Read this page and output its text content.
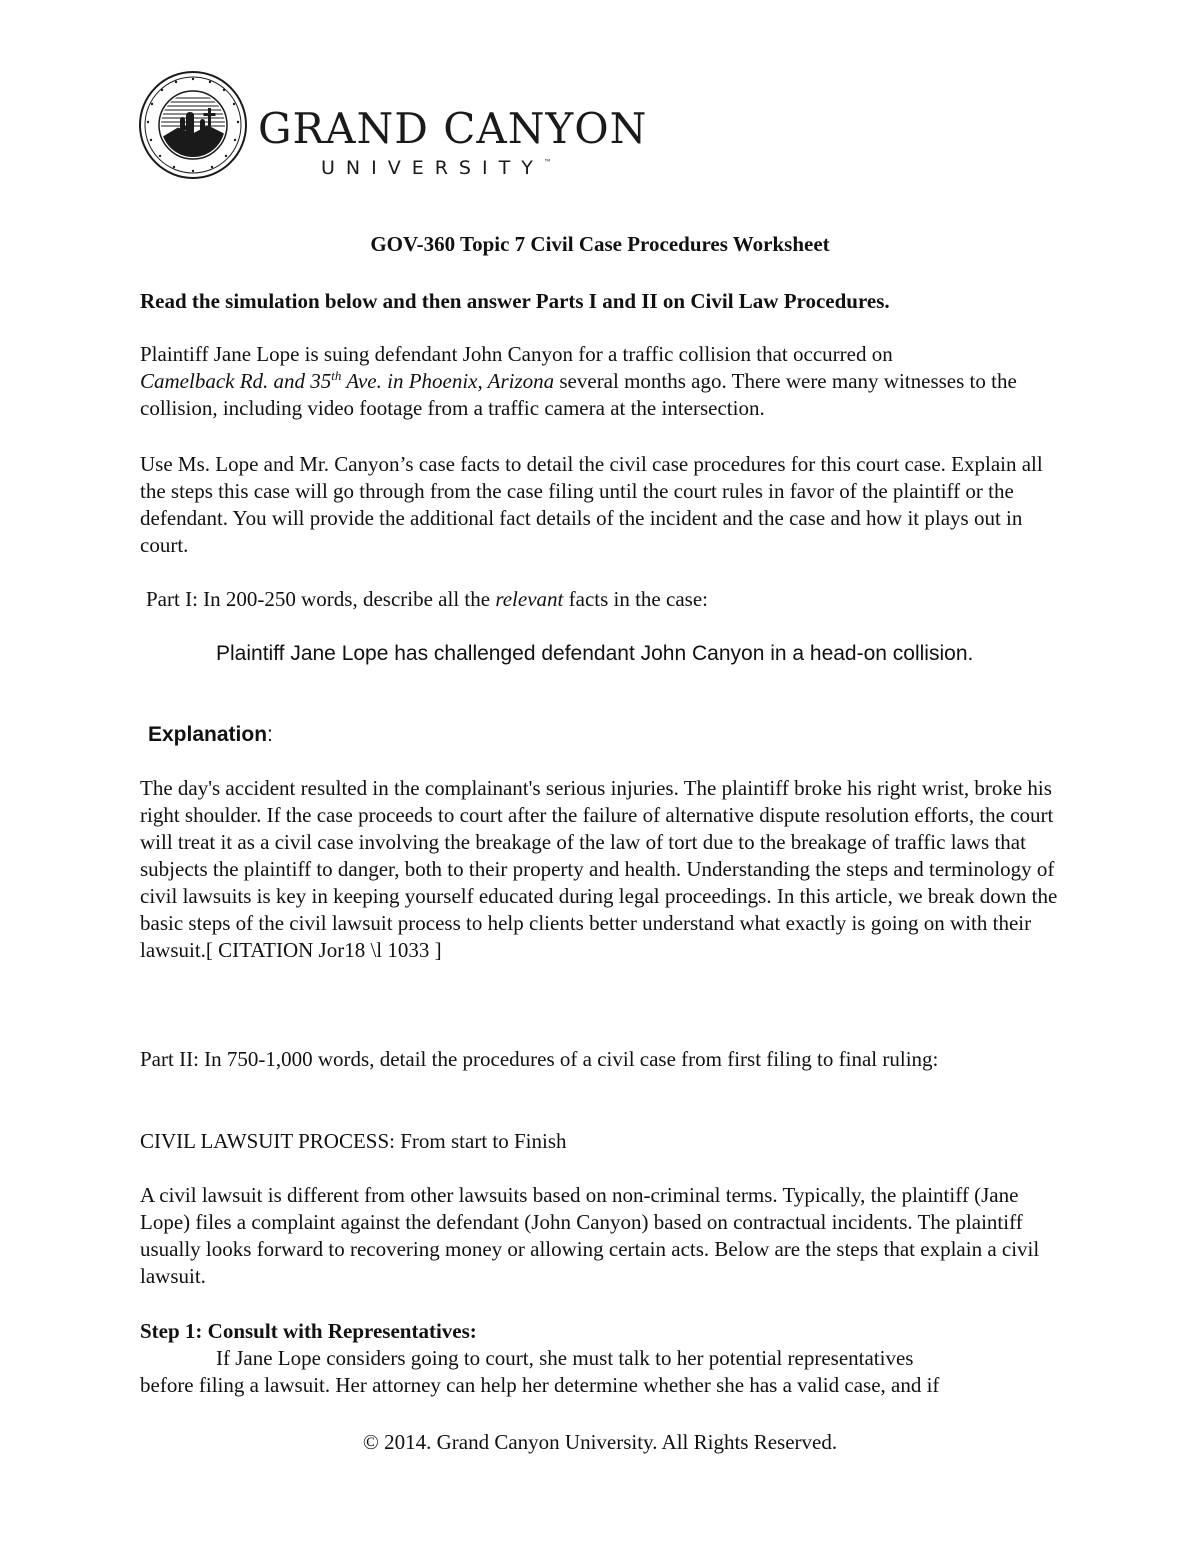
GRAND CANYON
UNIVERSITY™
GOV-360 Topic 7 Civil Case Procedures Worksheet
Read the simulation below and then answer Parts I and II on Civil Law Procedures.

Plaintiff Jane Lope is suing defendant John Canyon for a traffic collision that occurred on
Camelback Rd. and 35th Ave. in Phoenix, Arizona several months ago. There were many witnesses to the collision, including video footage from a traffic camera at the intersection.

Use Ms. Lope and Mr. Canyon’s case facts to detail the civil case procedures for this court case. Explain all the steps this case will go through from the case filing until the court rules in favor of the plaintiff or the defendant. You will provide the additional fact details of the incident and the case and how it plays out in court.
Part I: In 200-250 words, describe all the relevant facts in the case:
Plaintiff Jane Lope has challenged defendant John Canyon in a head-on collision.
Explanation:
The day's accident resulted in the complainant's serious injuries. The plaintiff broke his right wrist, broke his right shoulder. If the case proceeds to court after the failure of alternative dispute resolution efforts, the court will treat it as a civil case involving the breakage of the law of tort due to the breakage of traffic laws that subjects the plaintiff to danger, both to their property and health. Understanding the steps and terminology of civil lawsuits is key in keeping yourself educated during legal proceedings. In this article, we break down the basic steps of the civil lawsuit process to help clients better understand what exactly is going on with their lawsuit.[ CITATION Jor18 \l 1033 ]
Part II: In 750-1,000 words, detail the procedures of a civil case from first filing to final ruling:
CIVIL LAWSUIT PROCESS: From start to Finish
A civil lawsuit is different from other lawsuits based on non-criminal terms. Typically, the plaintiff (Jane Lope) files a complaint against the defendant (John Canyon) based on contractual incidents. The plaintiff usually looks forward to recovering money or allowing certain acts. Below are the steps that explain a civil lawsuit.

Step 1: Consult with Representatives:

If Jane Lope considers going to court, she must talk to her potential representatives

before filing a lawsuit. Her attorney can help her determine whether she has a valid case, and if

© 2014. Grand Canyon University. All Rights Reserved.
